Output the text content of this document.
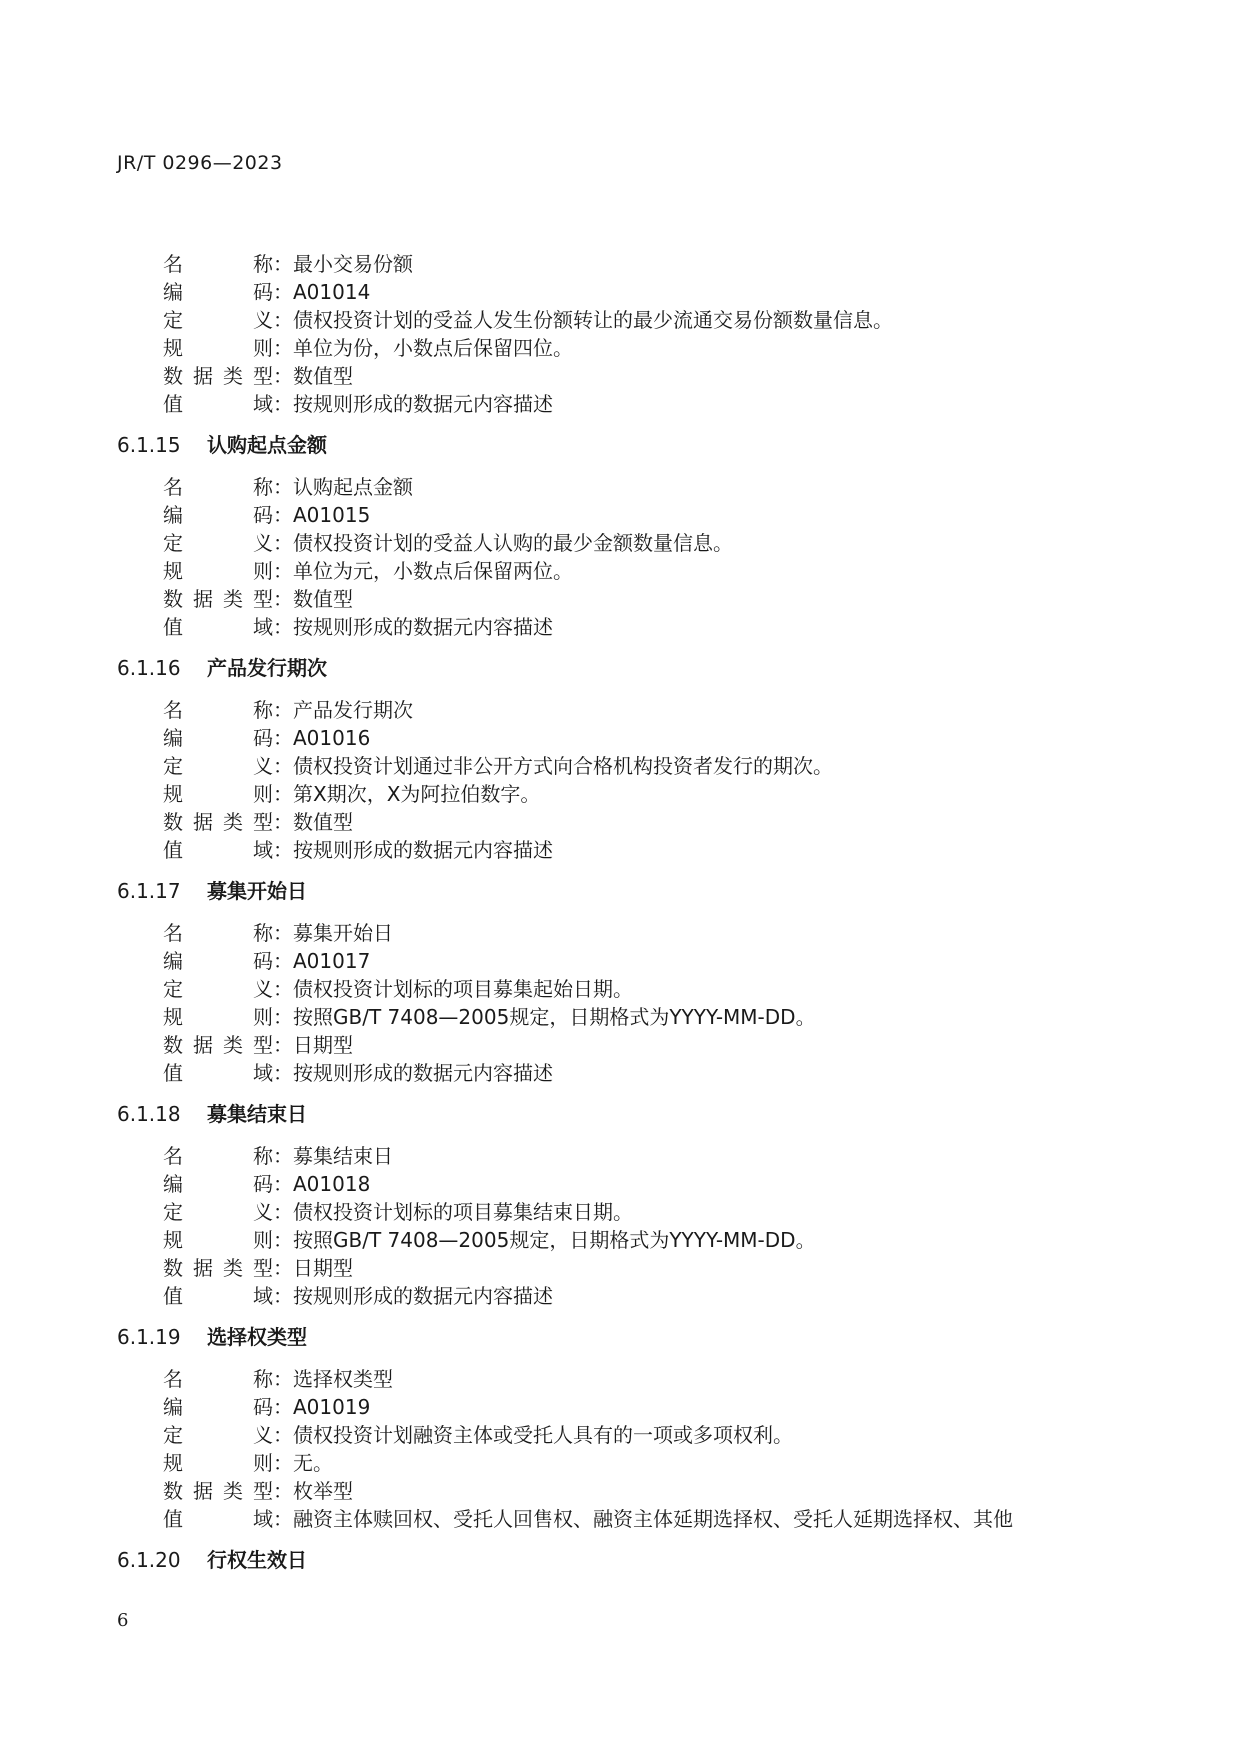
JR/T 0296—2023
名称：最小交易份额
编码：A01014
定义：债权投资计划的受益人发生份额转让的最少流通交易份额数量信息。
规则：单位为份，小数点后保留四位。
数据类型：数值型
值域：按规则形成的数据元内容描述
6.1.15 认购起点金额
名称：认购起点金额
编码：A01015
定义：债权投资计划的受益人认购的最少金额数量信息。
规则：单位为元，小数点后保留两位。
数据类型：数值型
值域：按规则形成的数据元内容描述
6.1.16 产品发行期次
名称：产品发行期次
编码：A01016
定义：债权投资计划通过非公开方式向合格机构投资者发行的期次。
规则：第X期次，X为阿拉伯数字。
数据类型：数值型
值域：按规则形成的数据元内容描述
6.1.17 募集开始日
名称：募集开始日
编码：A01017
定义：债权投资计划标的项目募集起始日期。
规则：按照GB/T 7408—2005规定，日期格式为YYYY-MM-DD。
数据类型：日期型
值域：按规则形成的数据元内容描述
6.1.18 募集结束日
名称：募集结束日
编码：A01018
定义：债权投资计划标的项目募集结束日期。
规则：按照GB/T 7408—2005规定，日期格式为YYYY-MM-DD。
数据类型：日期型
值域：按规则形成的数据元内容描述
6.1.19 选择权类型
名称：选择权类型
编码：A01019
定义：债权投资计划融资主体或受托人具有的一项或多项权利。
规则：无。
数据类型：枚举型
值域：融资主体赎回权、受托人回售权、融资主体延期选择权、受托人延期选择权、其他
6.1.20 行权生效日
6
